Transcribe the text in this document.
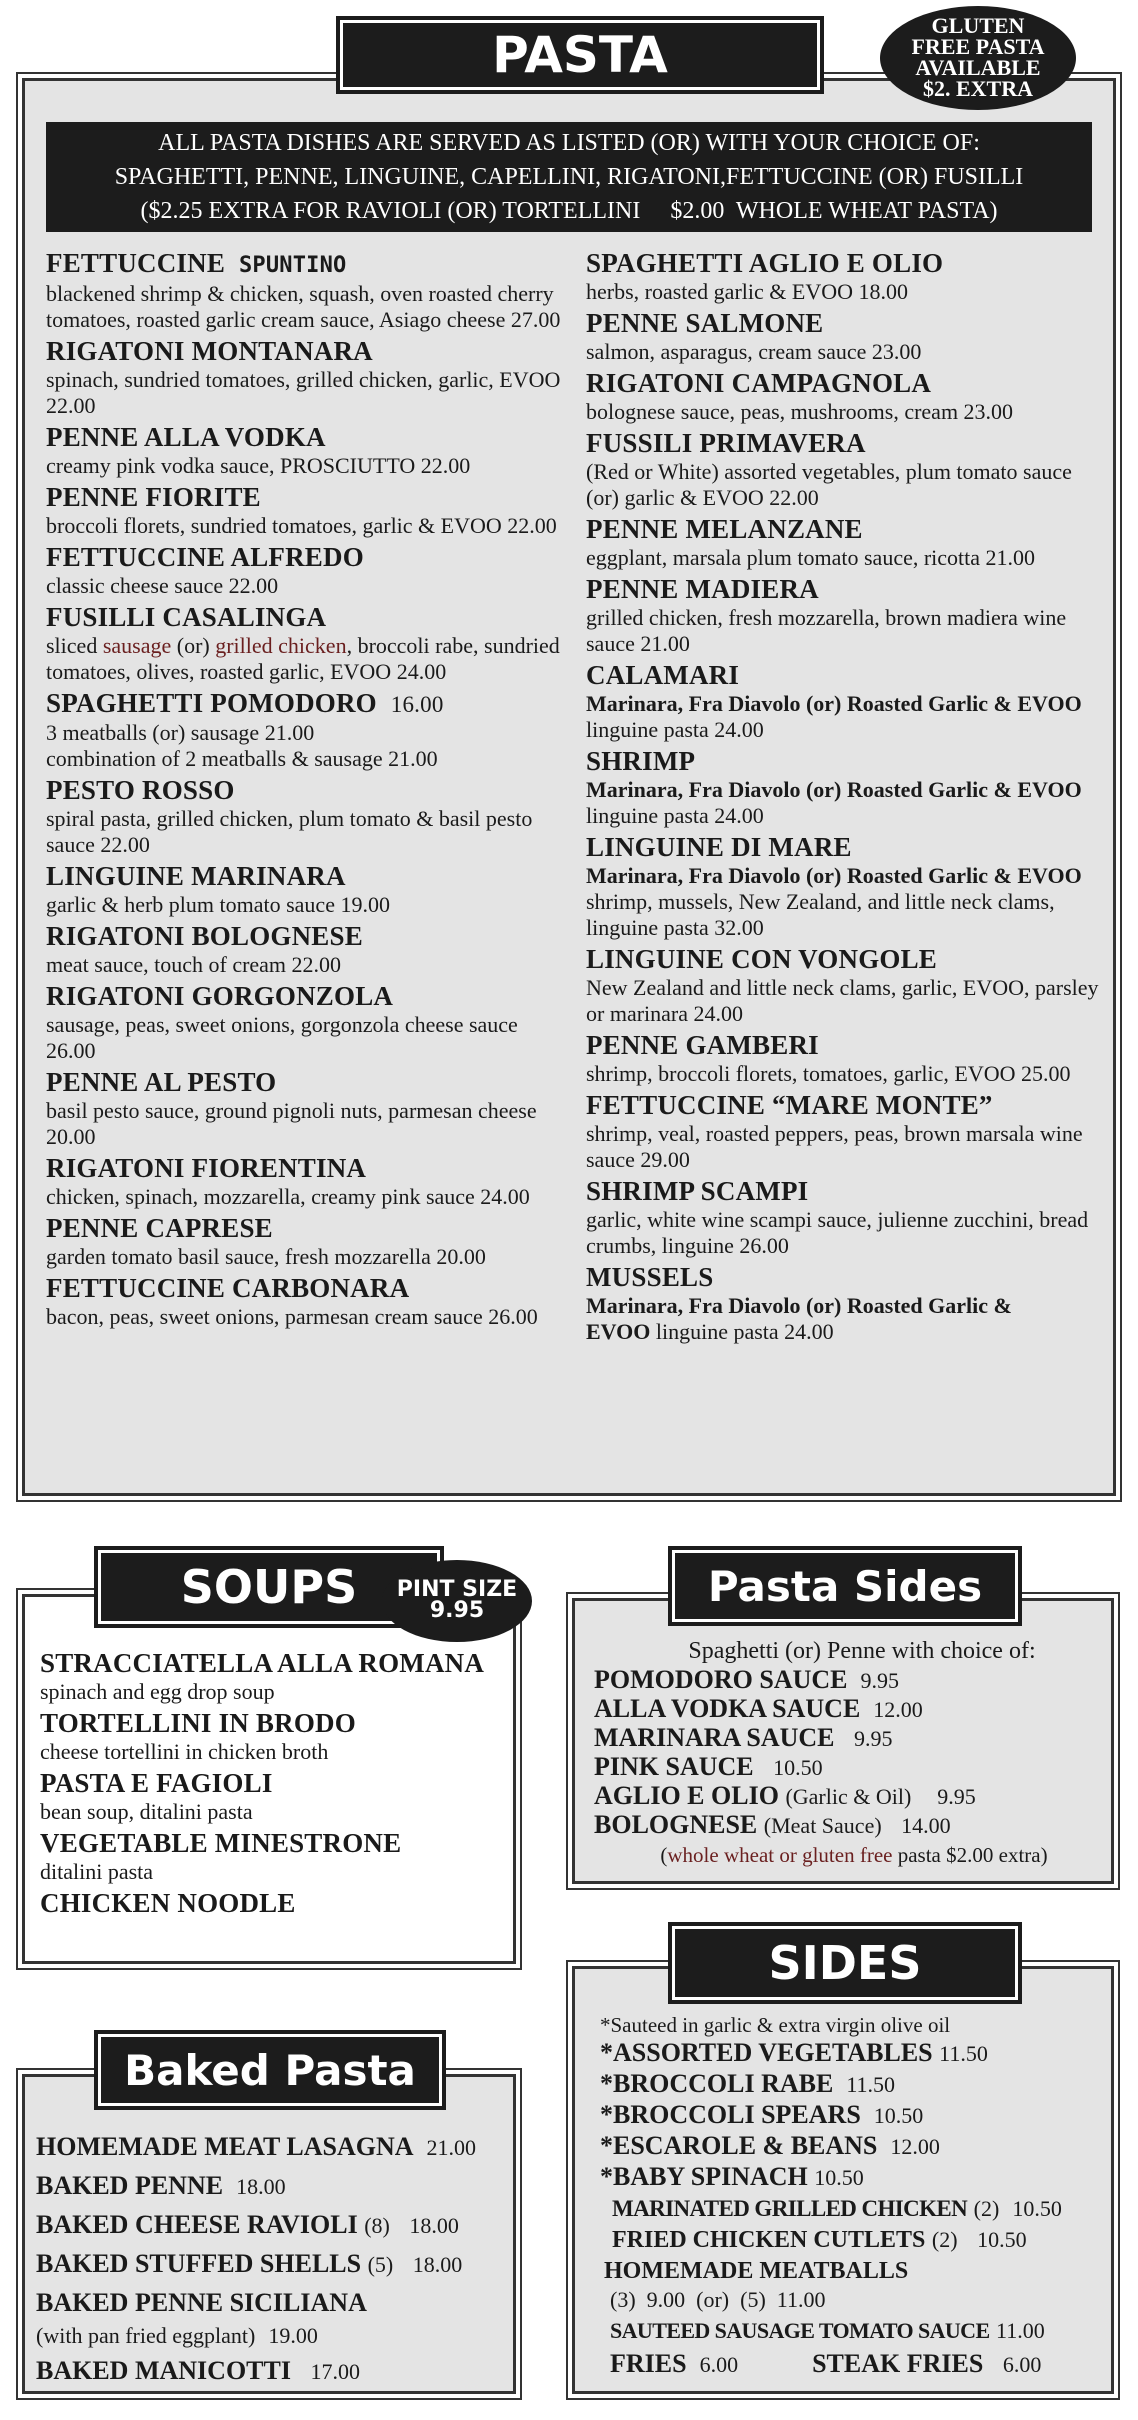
PASTA
GLUTEN
FREE PASTA
AVAILABLE
$2. EXTRA
ALL PASTA DISHES ARE SERVED AS LISTED (OR) WITH YOUR CHOICE OF:
SPAGHETTI, PENNE, LINGUINE, CAPELLINI, RIGATONI,FETTUCCINE (OR) FUSILLI
($2.25 EXTRA FOR RAVIOLI (OR) TORTELLINI     $2.00  WHOLE WHEAT PASTA)
FETTUCCINE SPUNTINO
blackened shrimp & chicken, squash, oven roasted cherry tomatoes, roasted garlic cream sauce, Asiago cheese 27.00
RIGATONI MONTANARA
spinach, sundried tomatoes, grilled chicken, garlic, EVOO 22.00
PENNE ALLA VODKA
creamy pink vodka sauce, PROSCIUTTO 22.00
PENNE FIORITE
broccoli florets, sundried tomatoes, garlic & EVOO 22.00
FETTUCCINE ALFREDO
classic cheese sauce 22.00
FUSILLI CASALINGA
sliced sausage (or) grilled chicken, broccoli rabe, sundried tomatoes, olives, roasted garlic, EVOO 24.00
SPAGHETTI POMODORO 16.00
3 meatballs (or) sausage 21.00
combination of 2 meatballs & sausage 21.00
PESTO ROSSO
spiral pasta, grilled chicken, plum tomato & basil pesto sauce 22.00
LINGUINE MARINARA
garlic & herb plum tomato sauce 19.00
RIGATONI BOLOGNESE
meat sauce, touch of cream 22.00
RIGATONI GORGONZOLA
sausage, peas, sweet onions, gorgonzola cheese sauce 26.00
PENNE AL PESTO
basil pesto sauce, ground pignoli nuts, parmesan cheese 20.00
RIGATONI FIORENTINA
chicken, spinach, mozzarella, creamy pink sauce 24.00
PENNE CAPRESE
garden tomato basil sauce, fresh mozzarella 20.00
FETTUCCINE CARBONARA
bacon, peas, sweet onions, parmesan cream sauce 26.00
SPAGHETTI AGLIO E OLIO
herbs, roasted garlic & EVOO 18.00
PENNE SALMONE
salmon, asparagus, cream sauce 23.00
RIGATONI CAMPAGNOLA
bolognese sauce, peas, mushrooms, cream 23.00
FUSSILI PRIMAVERA
(Red or White) assorted vegetables, plum tomato sauce (or) garlic & EVOO 22.00
PENNE MELANZANE
eggplant, marsala plum tomato sauce, ricotta 21.00
PENNE MADIERA
grilled chicken, fresh mozzarella, brown madiera wine sauce 21.00
CALAMARI
Marinara, Fra Diavolo (or) Roasted Garlic & EVOO
linguine pasta 24.00
SHRIMP
Marinara, Fra Diavolo (or) Roasted Garlic & EVOO
linguine pasta 24.00
LINGUINE DI MARE
Marinara, Fra Diavolo (or) Roasted Garlic & EVOO
shrimp, mussels, New Zealand, and little neck clams, linguine pasta 32.00
LINGUINE CON VONGOLE
New Zealand and little neck clams, garlic, EVOO, parsley or marinara 24.00
PENNE GAMBERI
shrimp, broccoli florets, tomatoes, garlic, EVOO 25.00
FETTUCCINE “MARE MONTE”
shrimp, veal, roasted peppers, peas, brown marsala wine sauce 29.00
SHRIMP SCAMPI
garlic, white wine scampi sauce, julienne zucchini, bread crumbs, linguine 26.00
MUSSELS
Marinara, Fra Diavolo (or) Roasted Garlic &
EVOO linguine pasta 24.00
SOUPS PINT SIZE
9.95
STRACCIATELLA ALLA ROMANA
spinach and egg drop soup
TORTELLINI IN BRODO
cheese tortellini in chicken broth
PASTA E FAGIOLI
bean soup, ditalini pasta
VEGETABLE MINESTRONE
ditalini pasta
CHICKEN NOODLE
Pasta Sides
Spaghetti (or) Penne with choice of:
POMODORO SAUCE 9.95
ALLA VODKA SAUCE 12.00
MARINARA SAUCE 9.95
PINK SAUCE 10.50
AGLIO E OLIO (Garlic & Oil) 9.95
BOLOGNESE (Meat Sauce) 14.00
(whole wheat or gluten free pasta $2.00 extra)
Baked Pasta
HOMEMADE MEAT LASAGNA 21.00
BAKED PENNE 18.00
BAKED CHEESE RAVIOLI (8) 18.00
BAKED STUFFED SHELLS (5) 18.00
BAKED PENNE SICILIANA
(with pan fried eggplant) 19.00
BAKED MANICOTTI 17.00
SIDES
*Sauteed in garlic & extra virgin olive oil
*ASSORTED VEGETABLES 11.50
*BROCCOLI RABE 11.50
*BROCCOLI SPEARS 10.50
*ESCAROLE & BEANS 12.00
*BABY SPINACH 10.50
MARINATED GRILLED CHICKEN (2) 10.50
FRIED CHICKEN CUTLETS (2) 10.50
HOMEMADE MEATBALLS
(3)  9.00  (or)  (5)  11.00
SAUTEED SAUSAGE TOMATO SAUCE 11.00
FRIES 6.00	STEAK FRIES 6.00
